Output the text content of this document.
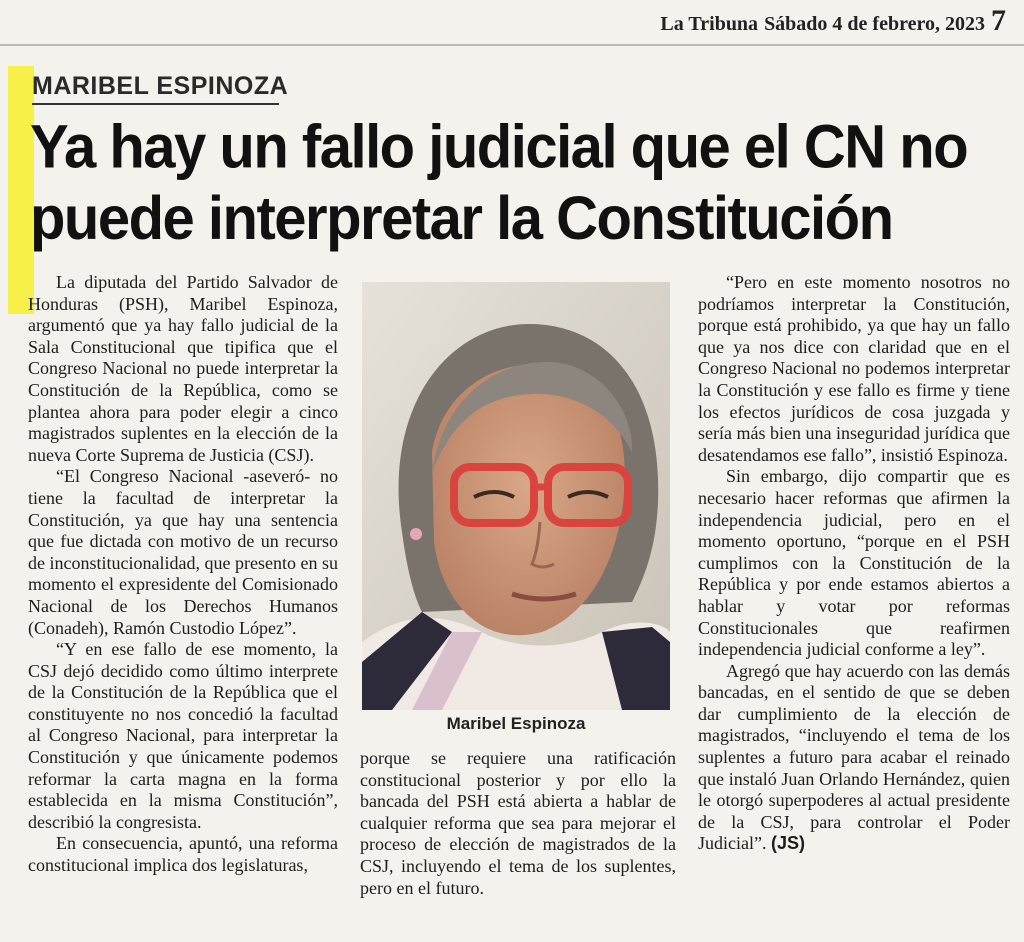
La Tribuna Sábado 4 de febrero, 2023 7
MARIBEL ESPINOZA
Ya hay un fallo judicial que el CN no puede interpretar la Constitución

La diputada del Partido Salvador de Honduras (PSH), Maribel Espinoza, argumentó que ya hay fallo judicial de la Sala Constitucional que tipifica que el Congreso Nacional no puede interpretar la Constitución de la República, como se plantea ahora para poder elegir a cinco magistrados suplentes en la elección de la nueva Corte Suprema de Justicia (CSJ).

“El Congreso Nacional -aseveró- no tiene la facultad de interpretar la Constitución, ya que hay una sentencia que fue dictada con motivo de un recurso de inconstitucionalidad, que presento en su momento el expresidente del Comisionado Nacional de los Derechos Humanos (Conadeh), Ramón Custodio López”.

“Y en ese fallo de ese momento, la CSJ dejó decidido como último interprete de la Constitución de la República que el constituyente no nos concedió la facultad al Congreso Nacional, para interpretar la Constitución y que únicamente podemos reformar la carta magna en la forma establecida en la misma Constitución”, describió la congresista.

En consecuencia, apuntó, una reforma constitucional implica dos legislaturas,

Maribel Espinoza

porque se requiere una ratificación constitucional posterior y por ello la bancada del PSH está abierta a hablar de cualquier reforma que sea para mejorar el proceso de elección de magistrados de la CSJ, incluyendo el tema de los suplentes, pero en el futuro.

“Pero en este momento nosotros no podríamos interpretar la Constitución, porque está prohibido, ya que hay un fallo que ya nos dice con claridad que en el Congreso Nacional no podemos interpretar la Constitución y ese fallo es firme y tiene los efectos jurídicos de cosa juzgada y sería más bien una inseguridad jurídica que desatendamos ese fallo”, insistió Espinoza.

Sin embargo, dijo compartir que es necesario hacer reformas que afirmen la independencia judicial, pero en el momento oportuno, “porque en el PSH cumplimos con la Constitución de la República y por ende estamos abiertos a hablar y votar por reformas Constitucionales que reafirmen independencia judicial conforme a ley”.

Agregó que hay acuerdo con las demás bancadas, en el sentido de que se deben dar cumplimiento de la elección de magistrados, “incluyendo el tema de los suplentes a futuro para acabar el reinado que instaló Juan Orlando Hernández, quien le otorgó superpoderes al actual presidente de la CSJ, para controlar el Poder Judicial”. (JS)
